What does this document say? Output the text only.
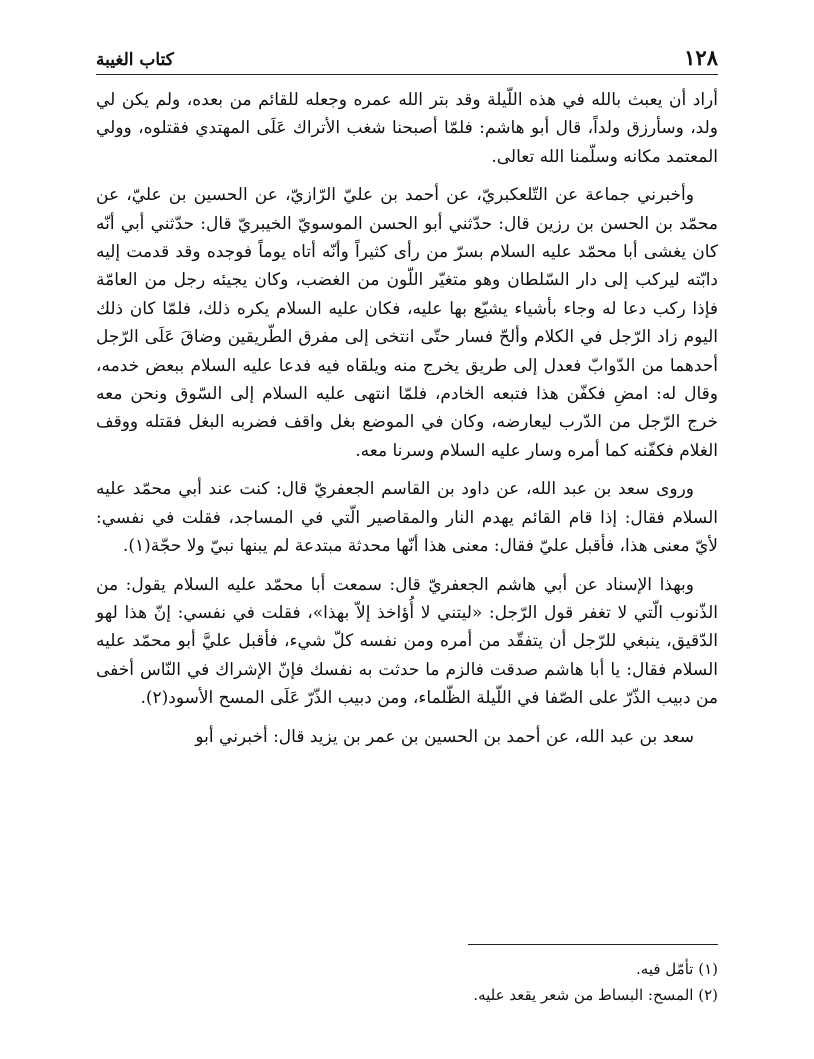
١٢٨
كتاب الغيبة

أراد أن يعبث بالله في هذه اللّيلة وقد بتر الله عمره وجعله للقائم من بعده، ولم يكن لي ولد، وسأرزق ولداً، قال أبو هاشم: فلمّا أصبحنا شغب الأتراك عَلَى المهتدي فقتلوه، وولي المعتمد مكانه وسلّمنا الله تعالى.

وأخبرني جماعة عن التّلعكبريّ، عن أحمد بن عليّ الرّازيّ، عن الحسين بن عليّ، عن محمّد بن الحسن بن رزين قال: حدّثني أبو الحسن الموسويّ الخيبريّ قال: حدّثني أبي أنّه كان يغشى أبا محمّد عليه السلام بسرّ من رأى كثيراً وأنّه أتاه يوماً فوجده وقد قدمت إليه دابّته ليركب إلى دار السّلطان وهو متغيّر اللّون من الغضب، وكان يجيئه رجل من العامّة فإذا ركب دعا له وجاء بأشياء يشيّع بها عليه، فكان عليه السلام يكره ذلك، فلمّا كان ذلك اليوم زاد الرّجل في الكلام وألحّ فسار حتّى انتخى إلى مفرق الطّريقين وضاقَ عَلَى الرّجل أحدهما من الدّوابّ فعدل إلى طريق يخرج منه ويلقاه فيه فدعا عليه السلام ببعض خدمه، وقال له: امضِ فكفّن هذا فتبعه الخادم، فلمّا انتهى عليه السلام إلى السّوق ونحن معه خرج الرّجل من الدّرب ليعارضه، وكان في الموضع بغل واقف فضربه البغل فقتله ووقف الغلام فكفّنه كما أمره وسار عليه السلام وسرنا معه.

وروى سعد بن عبد الله، عن داود بن القاسم الجعفريّ قال: كنت عند أبي محمّد عليه السلام فقال: إذا قام القائم يهدم النار والمقاصير الّتي في المساجد، فقلت في نفسي: لأيّ معنى هذا، فأقبل عليّ فقال: معنى هذا أنّها محدثة مبتدعة لم يبنها نبيّ ولا حجّة(١).

وبهذا الإسناد عن أبي هاشم الجعفريّ قال: سمعت أبا محمّد عليه السلام يقول: من الذّنوب الّتي لا تغفر قول الرّجل: «ليتني لا أُؤاخذ إلاّ بهذا»، فقلت في نفسي: إنّ هذا لهو الدّقيق، ينبغي للرّجل أن يتفقّد من أمره ومن نفسه كلّ شيء، فأقبل عليَّ أبو محمّد عليه السلام فقال: يا أبا هاشم صدقت فالزم ما حدثت به نفسك فإنّ الإشراك في النّاس أخفى من دبيب الذّرّ على الصّفا في اللّيلة الظّلماء، ومن دبيب الذّرّ عَلَى المسح الأسود(٢).

سعد بن عبد الله، عن أحمد بن الحسين بن عمر بن يزيد قال: أخبرني أبو

(١) تأمّل فيه.
(٢) المسح: البساط من شعر يقعد عليه.
